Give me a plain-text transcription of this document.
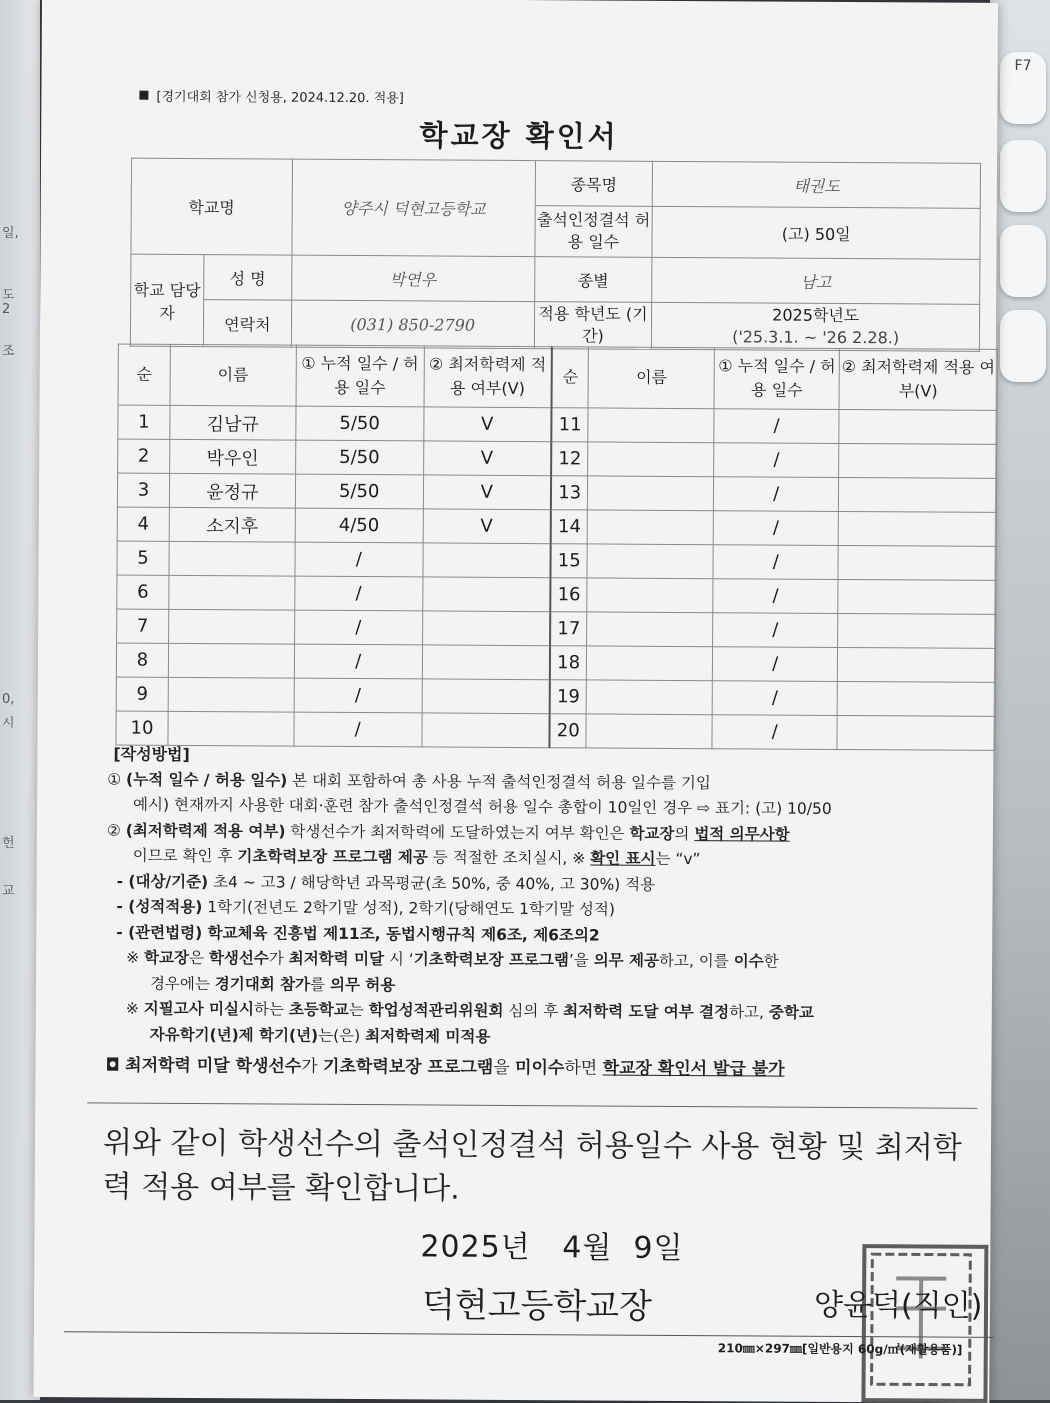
일,
도
2
조
0,
시
헌
교
F7
[경기대회 참가 신청용, 2024.12.20. 적용]
학교장 확인서
학교명		양주시 덕현고등학교	종목명	태권도
			출석인정결석 허용 일수	(고) 50일
학교 담당자	성 명	박연우	종별	남고
	연락처	(031) 850-2790	적용 학년도 (기간)	2025학년도
('25.3.1. ~ '26 2.28.)
순	이름	① 누적 일수 / 허용 일수	② 최저학력제 적용 여부(V)	순	이름	① 누적 일수 / 허용 일수	② 최저학력제 적용 여부(V)
1	김남규	5/50	V	11		/	
2	박우인	5/50	V	12		/	
3	윤정규	5/50	V	13		/	
4	소지후	4/50	V	14		/	
5		/		15		/	
6		/		16		/	
7		/		17		/	
8		/		18		/	
9		/		19		/	
10		/		20		/	

[작성방법]

① (누적 일수 / 허용 일수) 본 대회 포함하여 총 사용 누적 출석인정결석 허용 일수를 기입

예시) 현재까지 사용한 대회·훈련 참가 출석인정결석 허용 일수 총합이 10일인 경우 ⇨ 표기: (고) 10/50

② (최저학력제 적용 여부) 학생선수가 최저학력에 도달하였는지 여부 확인은 학교장의 법적 의무사항

이므로 확인 후 기초학력보장 프로그램 제공 등 적절한 조치실시, ※ 확인 표시는 “v”

- (대상/기준) 초4 ~ 고3 / 해당학년 과목평균(초 50%, 중 40%, 고 30%) 적용

- (성적적용) 1학기(전년도 2학기말 성적), 2학기(당해연도 1학기말 성적)

- (관련법령) 학교체육 진흥법 제11조, 동법시행규칙 제6조, 제6조의2

※ 학교장은 학생선수가 최저학력 미달 시 ‘기초학력보장 프로그램’을 의무 제공하고, 이를 이수한

경우에는 경기대회 참가를 의무 허용

※ 지필고사 미실시하는 초등학교는 학업성적관리위원회 심의 후 최저학력 도달 여부 결정하고, 중학교

자유학기(년)제 학기(년)는(은) 최저학력제 미적용

◘ 최저학력 미달 학생선수가 기초학력보장 프로그램을 미이수하면 학교장 확인서 발급 불가

위와 같이 학생선수의 출석인정결석 허용일수 사용 현황 및 최저학력 적용 여부를 확인합니다.
2025년   4월  9일
덕현고등학교장	양윤덕(직인)
210㎜×297㎜[일반용지 60g/㎡(재활용품)]
